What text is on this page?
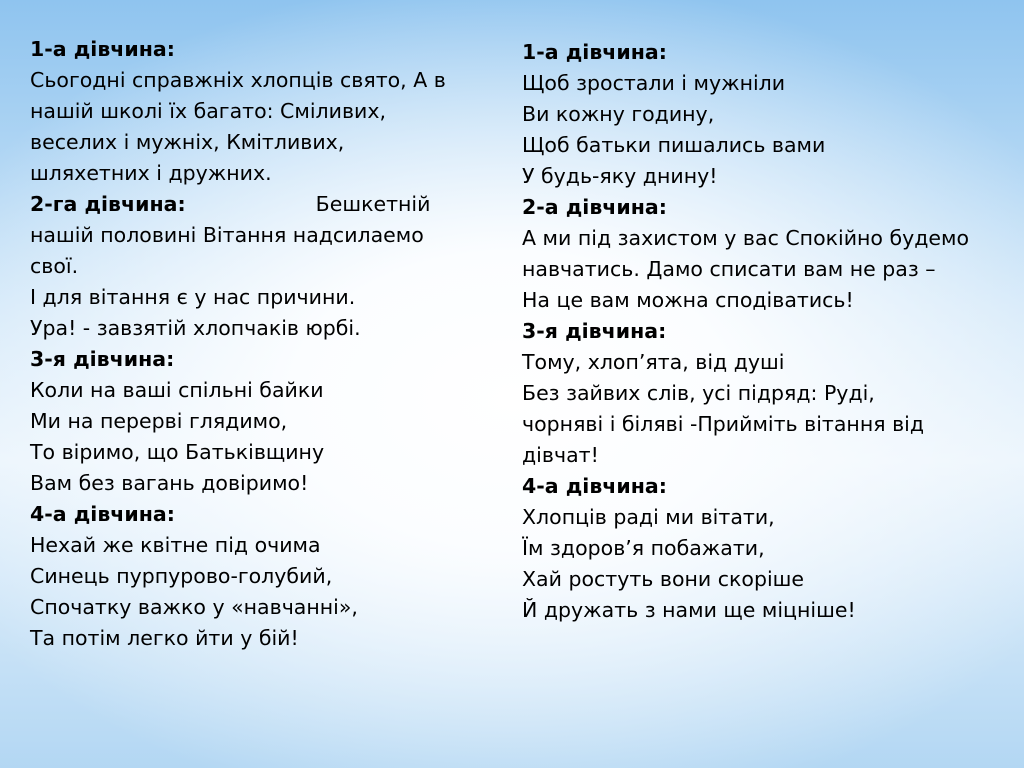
1-а дівчина:
Сьогодні справжніх хлопців свято, А в
нашій школі їх багато: Сміливих,
веселих і мужніх, Кмітливих,
шляхетних і дружних.
2-га дівчина:	Бешкетній
нашій половині Вітання надсилаемо
свої.
І для вітання є у нас причини.
Ура! - завзятій хлопчаків юрбі.
3-я дівчина:
Коли на ваші спільні байки
Ми на перерві глядимо,
То віримо, що Батьківщину
Вам без вагань довіримо!
4-а дівчина:
Нехай же квітне під очима
Синець пурпурово-голубий,
Спочатку важко у «навчанні»,
Та потім легко йти у бій!
1-а дівчина:
Щоб зростали і мужніли
Ви кожну годину,
Щоб батьки пишались вами
У будь-яку днину!
2-а дівчина:
А ми під захистом у вас Спокійно будемо
навчатись. Дамо списати вам не раз –
На це вам можна сподіватись!
3-я дівчина:
Тому, хлоп’ята, від душі
Без зайвих слів, усі підряд: Руді,
чорняві і біляві -Прийміть вітання від
дівчат!
4-а дівчина:
Хлопців раді ми вітати,
Їм здоров’я побажати,
Хай ростуть вони скоріше
Й дружать з нами ще міцніше!
